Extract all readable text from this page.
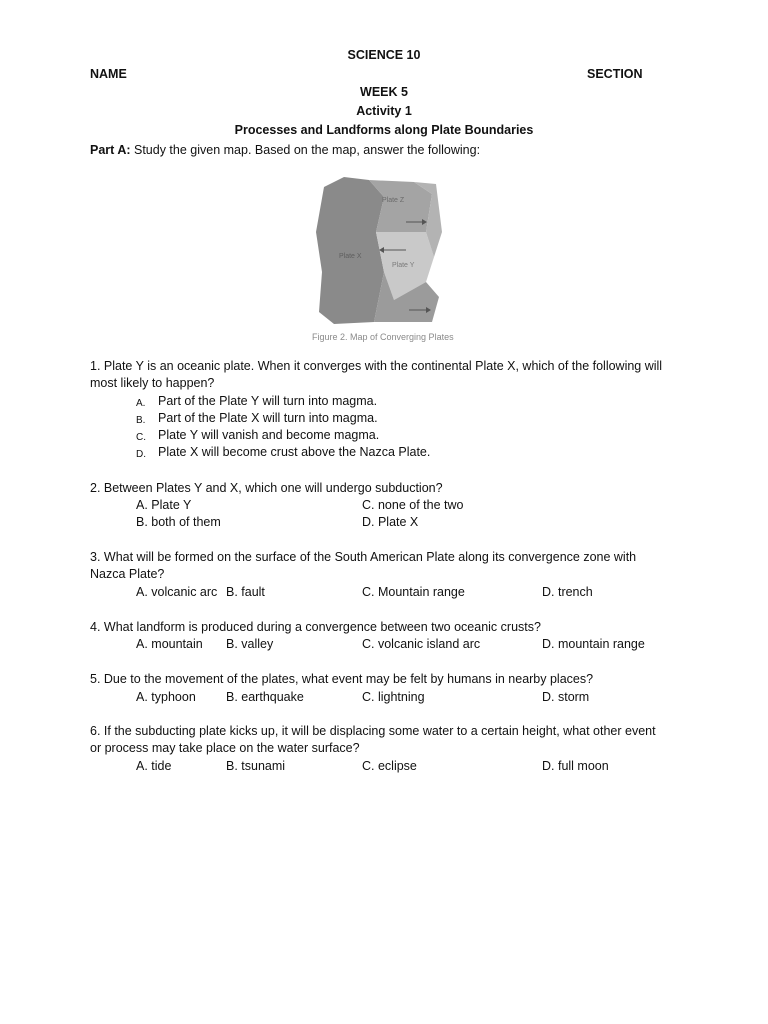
SCIENCE 10
NAME	SECTION
WEEK 5
Activity 1
Processes and Landforms along Plate Boundaries
Part A: Study the given map. Based on the map, answer the following:
Plate Z
Plate X
Plate Y
Figure 2. Map of Converging Plates
1. Plate Y is an oceanic plate. When it converges with the continental Plate X, which of the following will
most likely to happen?
A. Part of the Plate Y will turn into magma.
B. Part of the Plate X will turn into magma.
C. Plate Y will vanish and become magma.
D. Plate X will become crust above the Nazca Plate.
2. Between Plates Y and X, which one will undergo subduction?
A. Plate Y	C. none of the two
B. both of them	D. Plate X
3. What will be formed on the surface of the South American Plate along its convergence zone with
Nazca Plate?
A. volcanic arc B. fault	C. Mountain range	D. trench
4. What landform is produced during a convergence between two oceanic crusts?
A. mountain B. valley	C. volcanic island arc	D. mountain range
5. Due to the movement of the plates, what event may be felt by humans in nearby places?
A. typhoon B. earthquake	C. lightning	D. storm
6. If the subducting plate kicks up, it will be displacing some water to a certain height, what other event
or process may take place on the water surface?
A. tide	B. tsunami	C. eclipse	D. full moon
